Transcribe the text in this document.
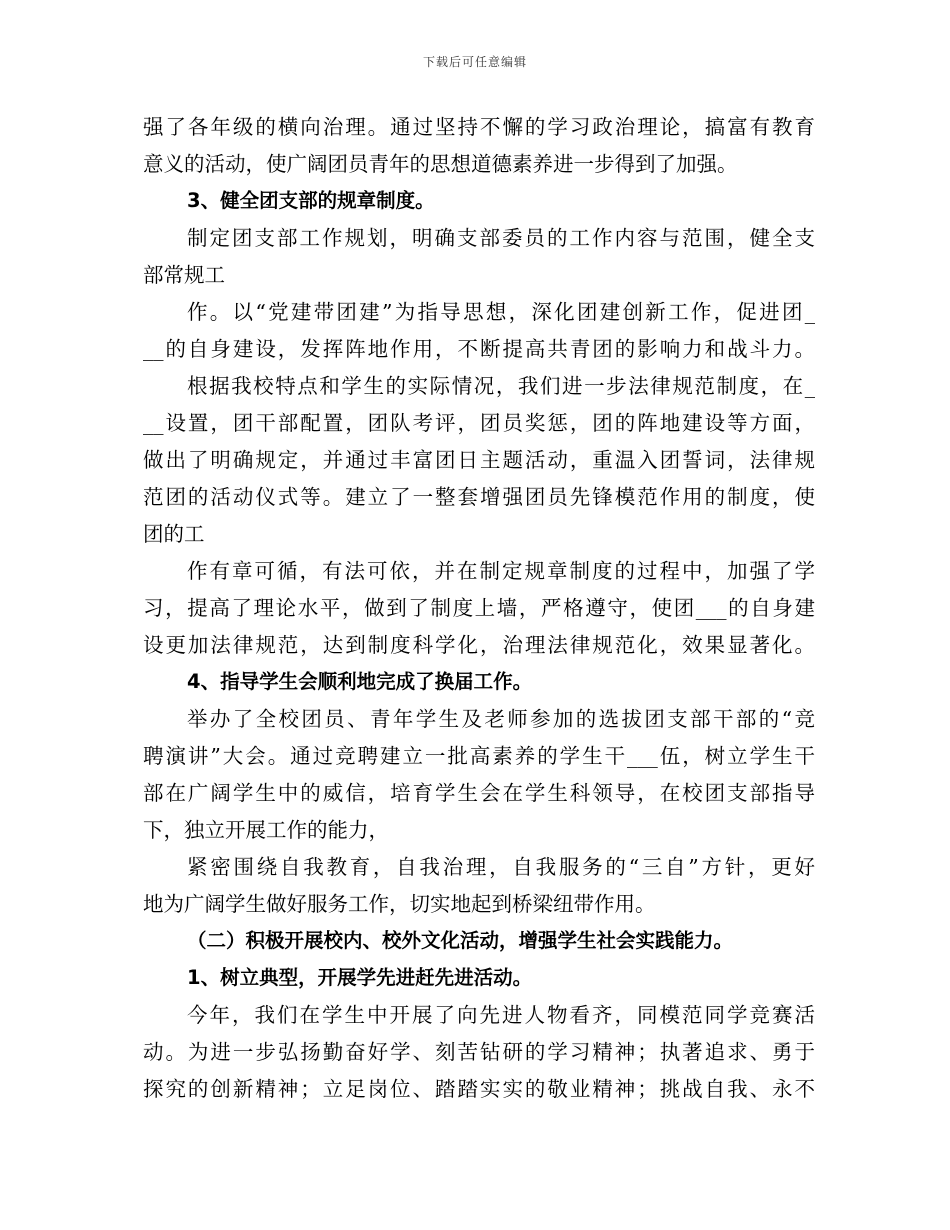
下载后可任意编辑
强了各年级的横向治理。通过坚持不懈的学习政治理论，搞富有教育
意义的活动，使广阔团员青年的思想道德素养进一步得到了加强。
3、健全团支部的规章制度。
制定团支部工作规划，明确支部委员的工作内容与范围，健全支
部常规工
作。以“党建带团建”为指导思想，深化团建创新工作，促进团_
__的自身建设，发挥阵地作用，不断提高共青团的影响力和战斗力。
根据我校特点和学生的实际情况，我们进一步法律规范制度，在_
__设置，团干部配置，团队考评，团员奖惩，团的阵地建设等方面，
做出了明确规定，并通过丰富团日主题活动，重温入团誓词，法律规
范团的活动仪式等。建立了一整套增强团员先锋模范作用的制度，使
团的工
作有章可循，有法可依，并在制定规章制度的过程中，加强了学
习，提高了理论水平，做到了制度上墙，严格遵守，使团___的自身建
设更加法律规范，达到制度科学化，治理法律规范化，效果显著化。
4、指导学生会顺利地完成了换届工作。
举办了全校团员、青年学生及老师参加的选拔团支部干部的“竞
聘演讲”大会。通过竞聘建立一批高素养的学生干___伍，树立学生干
部在广阔学生中的威信，培育学生会在学生科领导，在校团支部指导
下，独立开展工作的能力，
紧密围绕自我教育，自我治理，自我服务的“三自”方针，更好
地为广阔学生做好服务工作，切实地起到桥梁纽带作用。
（二）积极开展校内、校外文化活动，增强学生社会实践能力。
1、树立典型，开展学先进赶先进活动。
今年，我们在学生中开展了向先进人物看齐，同模范同学竞赛活
动。为进一步弘扬勤奋好学、刻苦钻研的学习精神；执著追求、勇于
探究的创新精神；立足岗位、踏踏实实的敬业精神；挑战自我、永不
